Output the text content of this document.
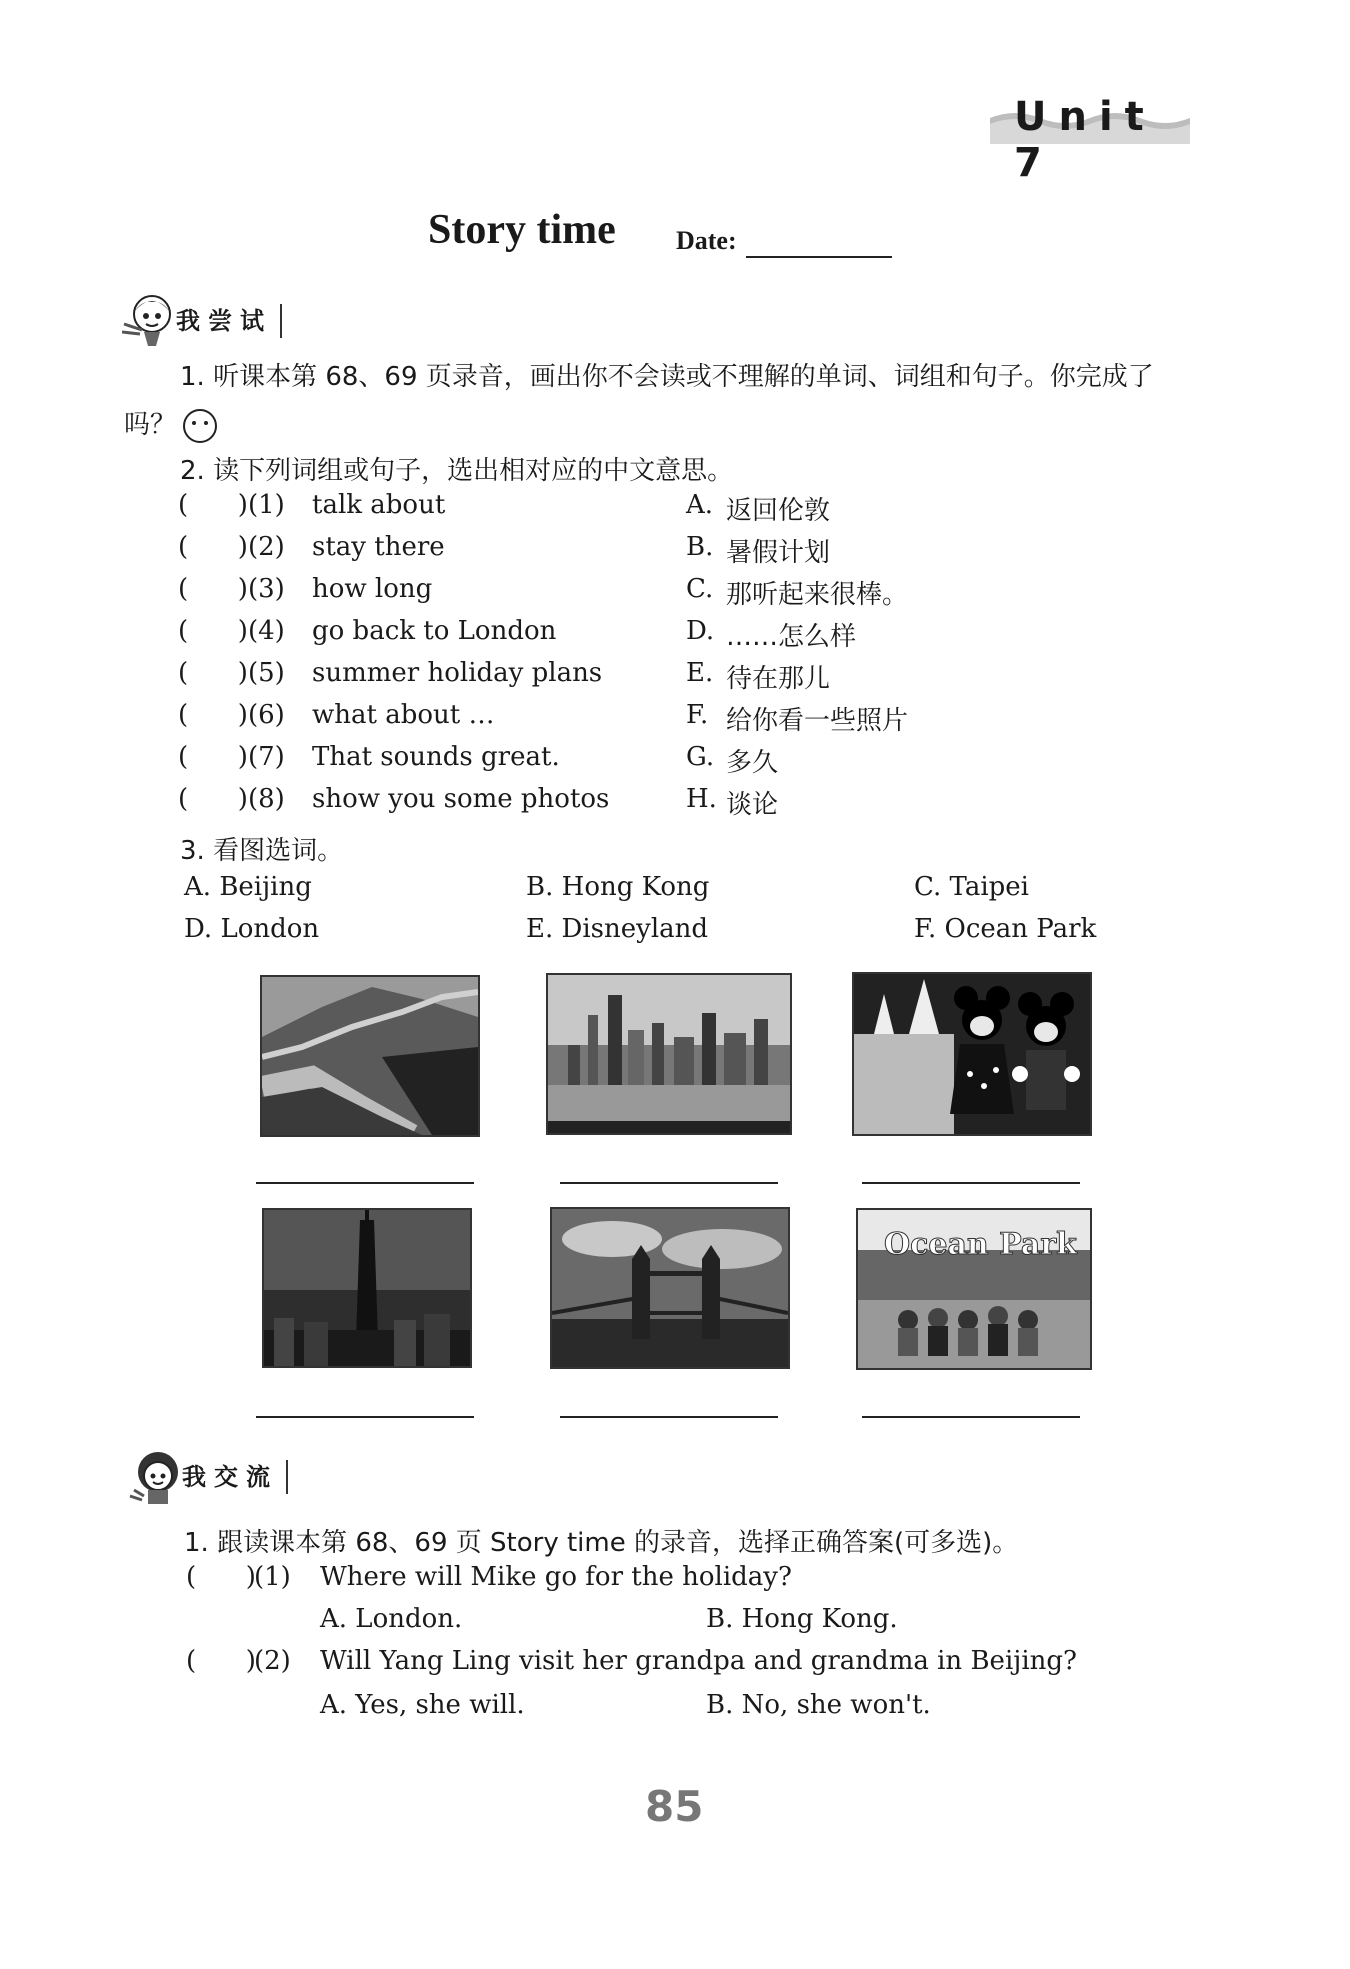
Unit 7
Story time Date:
我尝试
1. 听课本第 68、69 页录音，画出你不会读或不理解的单词、词组和句子。你完成了
吗？
2. 读下列词组或句子，选出相对应的中文意思。
(      ) (1) talk about	A. 返回伦敦
(      ) (2) stay there	B. 暑假计划
(      ) (3) how long	C. 那听起来很棒。
(      ) (4) go back to London	D. ……怎么样
(      ) (5) summer holiday plans	E. 待在那儿
(      ) (6) what about …	F. 给你看一些照片
(      ) (7) That sounds great.	G. 多久
(      ) (8) show you some photos	H. 谈论
3. 看图选词。
A. Beijing	B. Hong Kong	C. Taipei
D. London	E. Disneyland	F. Ocean Park
Ocean Park
我交流
1. 跟读课本第 68、69 页 Story time 的录音，选择正确答案(可多选)。
(      )
(1) Where will Mike go for the holiday?
A. London.	B. Hong Kong.
(      )
(2) Will Yang Ling visit her grandpa and grandma in Beijing?
A. Yes, she will.	B. No, she won't.
85
